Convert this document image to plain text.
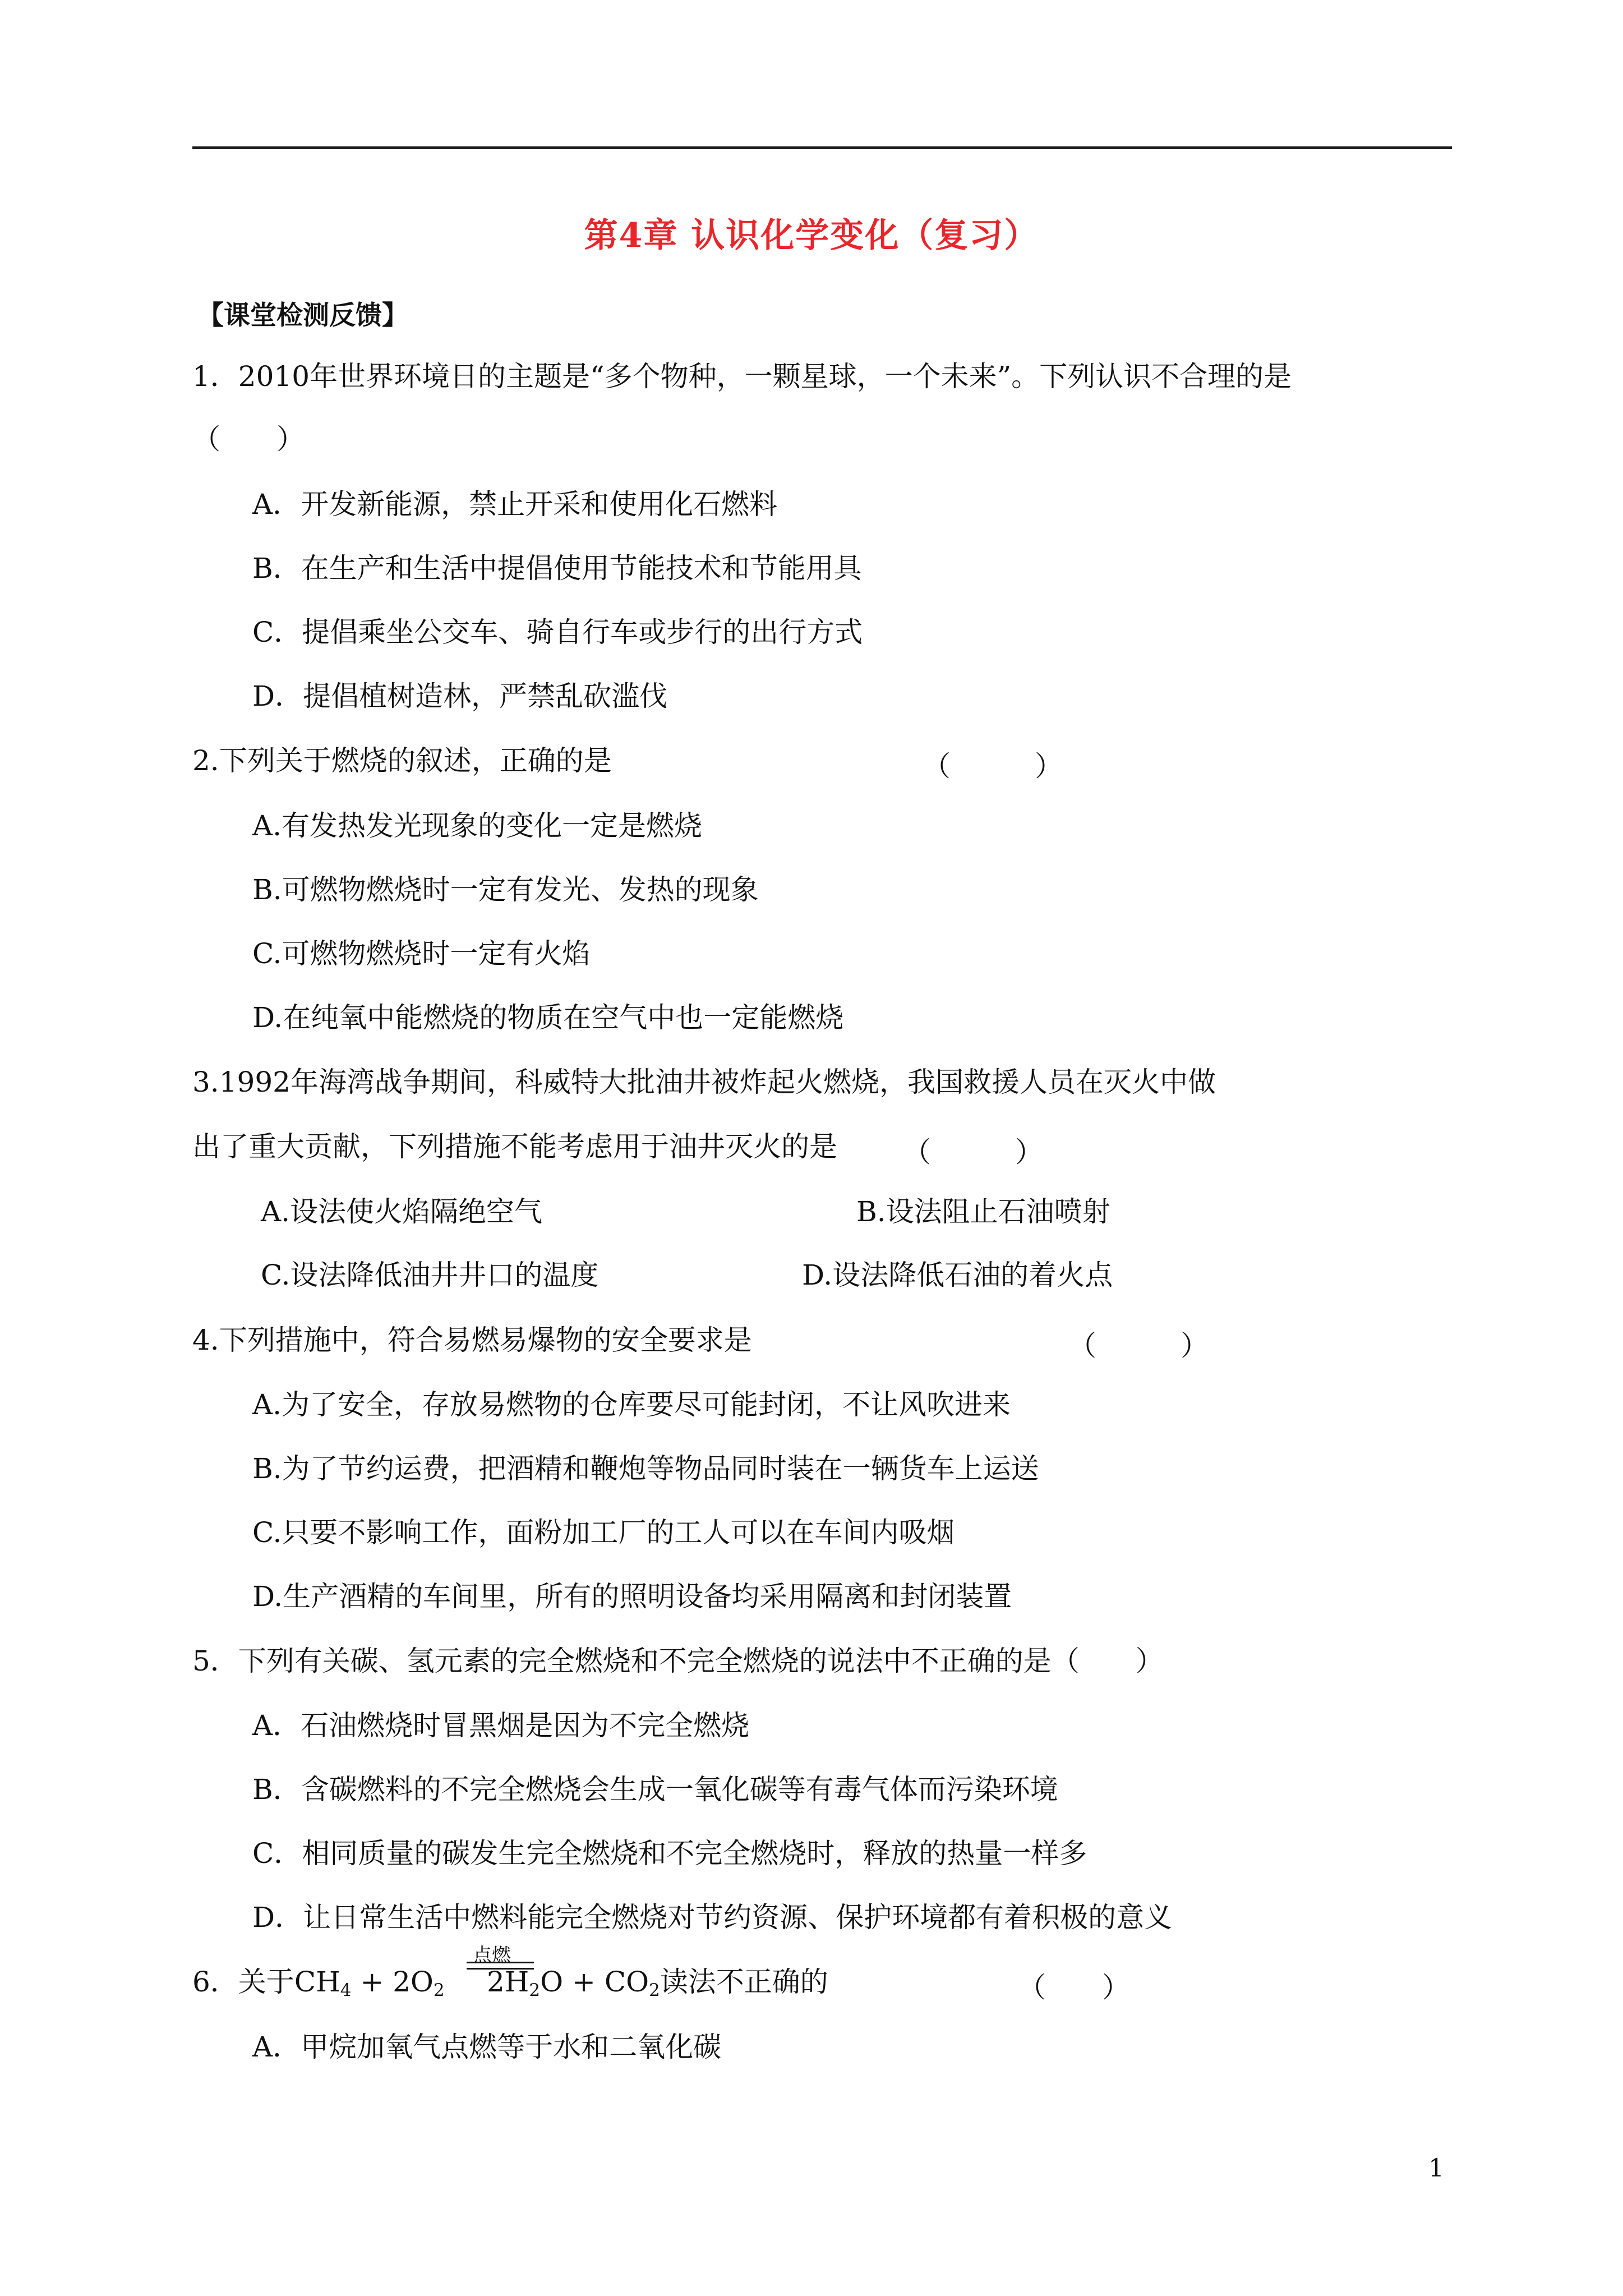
第4章 认识化学变化（复习）
【课堂检测反馈】
1．2010年世界环境日的主题是“多个物种，一颗星球，一个未来”。下列认识不合理的是
（　　）
A．开发新能源，禁止开采和使用化石燃料
B．在生产和生活中提倡使用节能技术和节能用具
C．提倡乘坐公交车、骑自行车或步行的出行方式
D．提倡植树造林，严禁乱砍滥伐
2.下列关于燃烧的叙述，正确的是	（　　　）
A.有发热发光现象的变化一定是燃烧
B.可燃物燃烧时一定有发光、发热的现象
C.可燃物燃烧时一定有火焰
D.在纯氧中能燃烧的物质在空气中也一定能燃烧
3.1992年海湾战争期间，科威特大批油井被炸起火燃烧，我国救援人员在灭火中做
出了重大贡献，下列措施不能考虑用于油井灭火的是 （　　　）
A.设法使火焰隔绝空气	B.设法阻止石油喷射
C.设法降低油井井口的温度	D.设法降低石油的着火点
4.下列措施中，符合易燃易爆物的安全要求是	（　　　）
A.为了安全，存放易燃物的仓库要尽可能封闭，不让风吹进来
B.为了节约运费，把酒精和鞭炮等物品同时装在一辆货车上运送
C.只要不影响工作，面粉加工厂的工人可以在车间内吸烟
D.生产酒精的车间里，所有的照明设备均采用隔离和封闭装置
5．下列有关碳、氢元素的完全燃烧和不完全燃烧的说法中不正确的是（　　）
A．石油燃烧时冒黑烟是因为不完全燃烧
B．含碳燃料的不完全燃烧会生成一氧化碳等有毒气体而污染环境
C．相同质量的碳发生完全燃烧和不完全燃烧时，释放的热量一样多
D．让日常生活中燃料能完全燃烧对节约资源、保护环境都有着积极的意义
6．关于$CH_4 + 2O_2$
点燃
$2H_2O + CO_2$读法不正确的	（　　）
A．甲烷加氧气点燃等于水和二氧化碳
1
